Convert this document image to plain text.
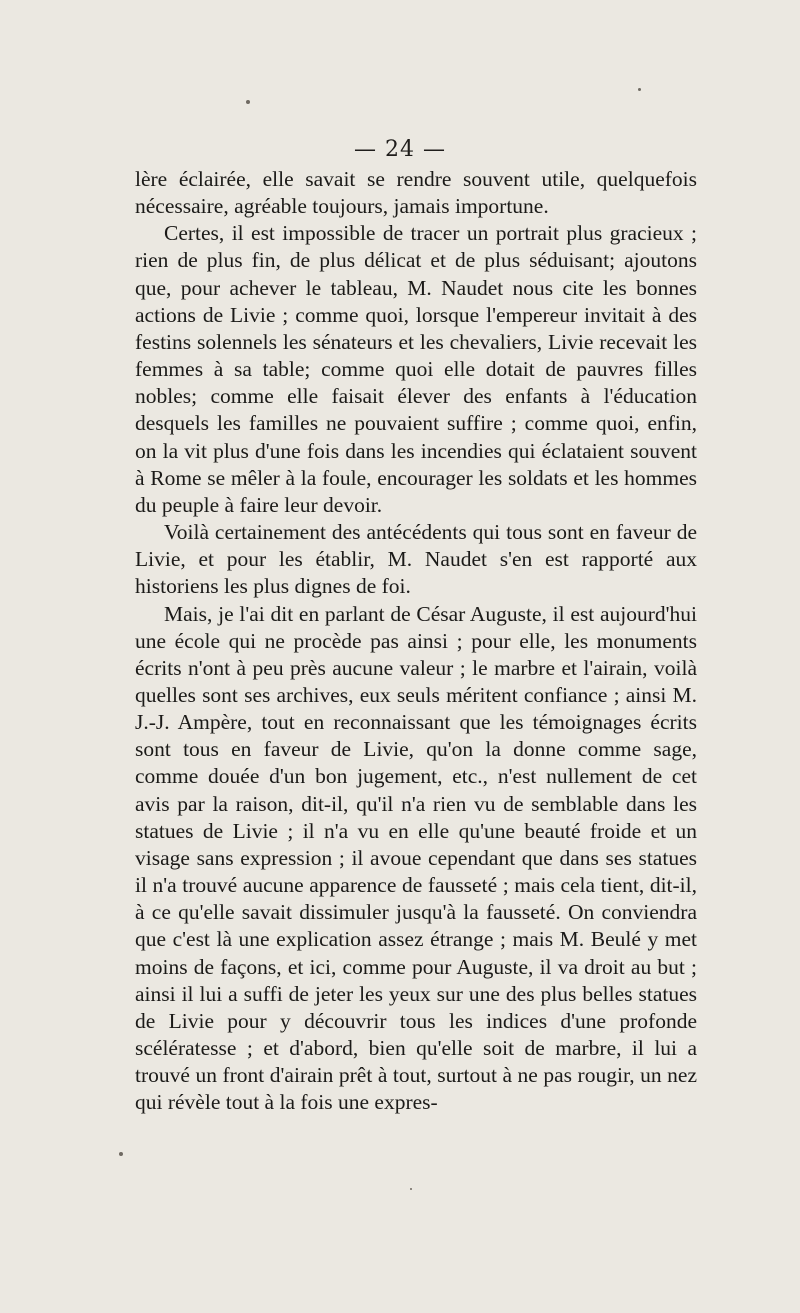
— 24 —

lère éclairée, elle savait se rendre souvent utile, quelquefois nécessaire, agréable toujours, jamais importune.

Certes, il est impossible de tracer un portrait plus gracieux ; rien de plus fin, de plus délicat et de plus séduisant; ajoutons que, pour achever le tableau, M. Naudet nous cite les bonnes actions de Livie ; comme quoi, lorsque l'empereur invitait à des festins solennels les sénateurs et les chevaliers, Livie recevait les femmes à sa table; comme quoi elle dotait de pauvres filles nobles; comme elle faisait élever des enfants à l'éducation desquels les familles ne pouvaient suffire ; comme quoi, enfin, on la vit plus d'une fois dans les incendies qui éclataient souvent à Rome se mêler à la foule, encourager les soldats et les hommes du peuple à faire leur devoir.

Voilà certainement des antécédents qui tous sont en faveur de Livie, et pour les établir, M. Naudet s'en est rapporté aux historiens les plus dignes de foi.

Mais, je l'ai dit en parlant de César Auguste, il est aujourd'hui une école qui ne procède pas ainsi ; pour elle, les monuments écrits n'ont à peu près aucune valeur ; le marbre et l'airain, voilà quelles sont ses archives, eux seuls méritent confiance ; ainsi M. J.-J. Ampère, tout en reconnaissant que les témoignages écrits sont tous en faveur de Livie, qu'on la donne comme sage, comme douée d'un bon jugement, etc., n'est nullement de cet avis par la raison, dit-il, qu'il n'a rien vu de semblable dans les statues de Livie ; il n'a vu en elle qu'une beauté froide et un visage sans expression ; il avoue cependant que dans ses statues il n'a trouvé aucune apparence de fausseté ; mais cela tient, dit-il, à ce qu'elle savait dissimuler jusqu'à la fausseté. On conviendra que c'est là une explication assez étrange ; mais M. Beulé y met moins de façons, et ici, comme pour Auguste, il va droit au but ; ainsi il lui a suffi de jeter les yeux sur une des plus belles statues de Livie pour y découvrir tous les indices d'une profonde scélératesse ; et d'abord, bien qu'elle soit de marbre, il lui a trouvé un front d'airain prêt à tout, surtout à ne pas rougir, un nez qui révèle tout à la fois une expres-
